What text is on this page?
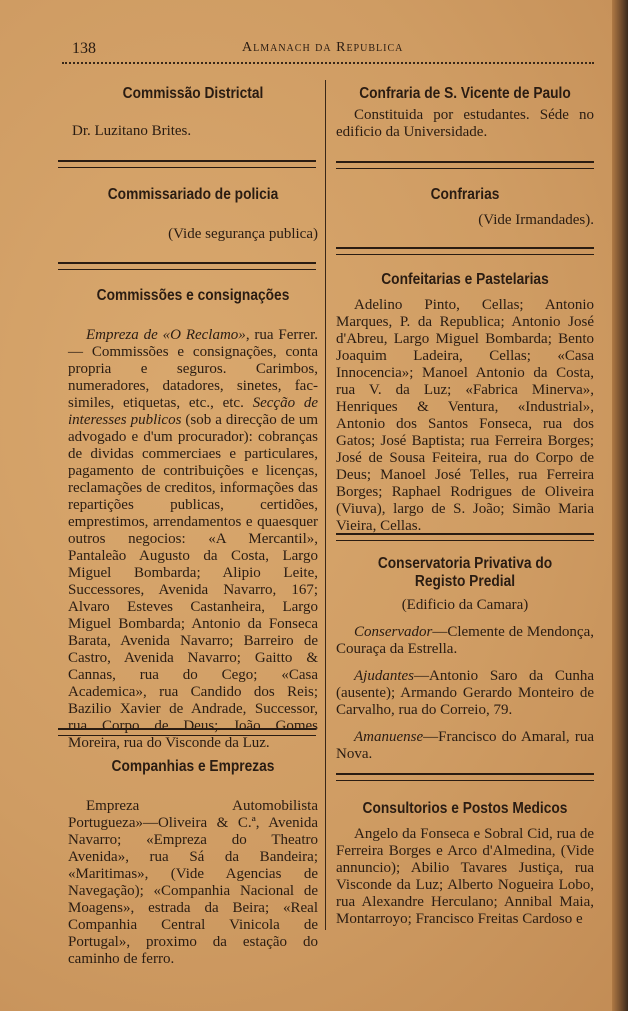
138	Almanach da Republica
Commissão Districtal
Dr. Luzitano Brites.
Commissariado de policia
(Vide segurança publica)
Commissões e consignações
Empreza de «O Reclamo», rua Ferrer. — Commissões e consignações, conta propria e seguros. Carimbos, numeradores, datadores, sinetes, fac-similes, etiquetas, etc., etc. Secção de interesses publicos (sob a direcção de um advogado e d'um procurador): cobranças de dividas commerciaes e particulares, pagamento de contribuições e licenças, reclamações de creditos, informações das repartições publicas, certidões, emprestimos, arrendamentos e quaesquer outros negocios: «A Mercantil», Pantaleão Augusto da Costa, Largo Miguel Bombarda; Alipio Leite, Successores, Avenida Navarro, 167; Alvaro Esteves Castanheira, Largo Miguel Bombarda; Antonio da Fonseca Barata, Avenida Navarro; Barreiro de Castro, Avenida Navarro; Gaitto & Cannas, rua do Cego; «Casa Academica», rua Candido dos Reis; Bazilio Xavier de Andrade, Successor, rua Corpo de Deus; João Gomes Moreira, rua do Visconde da Luz.
Companhias e Emprezas
Empreza Automobilista Portugueza»—Oliveira & C.ª, Avenida Navarro; «Empreza do Theatro Avenida», rua Sá da Bandeira; «Maritimas», (Vide Agencias de Navegação); «Companhia Nacional de Moagens», estrada da Beira; «Real Companhia Central Vinicola de Portugal», proximo da estação do caminho de ferro.
Confraria de S. Vicente de Paulo
Constituida por estudantes. Séde no edificio da Universidade.
Confrarias
(Vide Irmandades).
Confeitarias e Pastelarias
Adelino Pinto, Cellas; Antonio Marques, P. da Republica; Antonio José d'Abreu, Largo Miguel Bombarda; Bento Joaquim Ladeira, Cellas; «Casa Innocencia»; Manoel Antonio da Costa, rua V. da Luz; «Fabrica Minerva», Henriques & Ventura, «Industrial», Antonio dos Santos Fonseca, rua dos Gatos; José Baptista; rua Ferreira Borges; José de Sousa Feiteira, rua do Corpo de Deus; Manoel José Telles, rua Ferreira Borges; Raphael Rodrigues de Oliveira (Viuva), largo de S. João; Simão Maria Vieira, Cellas.
Conservatoria Privativa do Registo Predial
(Edificio da Camara)
Conservador—Clemente de Mendonça, Couraça da Estrella.
Ajudantes—Antonio Saro da Cunha (ausente); Armando Gerardo Monteiro de Carvalho, rua do Correio, 79.
Amanuense—Francisco do Amaral, rua Nova.
Consultorios e Postos Medicos
Angelo da Fonseca e Sobral Cid, rua de Ferreira Borges e Arco d'Almedina, (Vide annuncio); Abilio Tavares Justiça, rua Visconde da Luz; Alberto Nogueira Lobo, rua Alexandre Herculano; Annibal Maia, Montarroyo; Francisco Freitas Cardoso e
